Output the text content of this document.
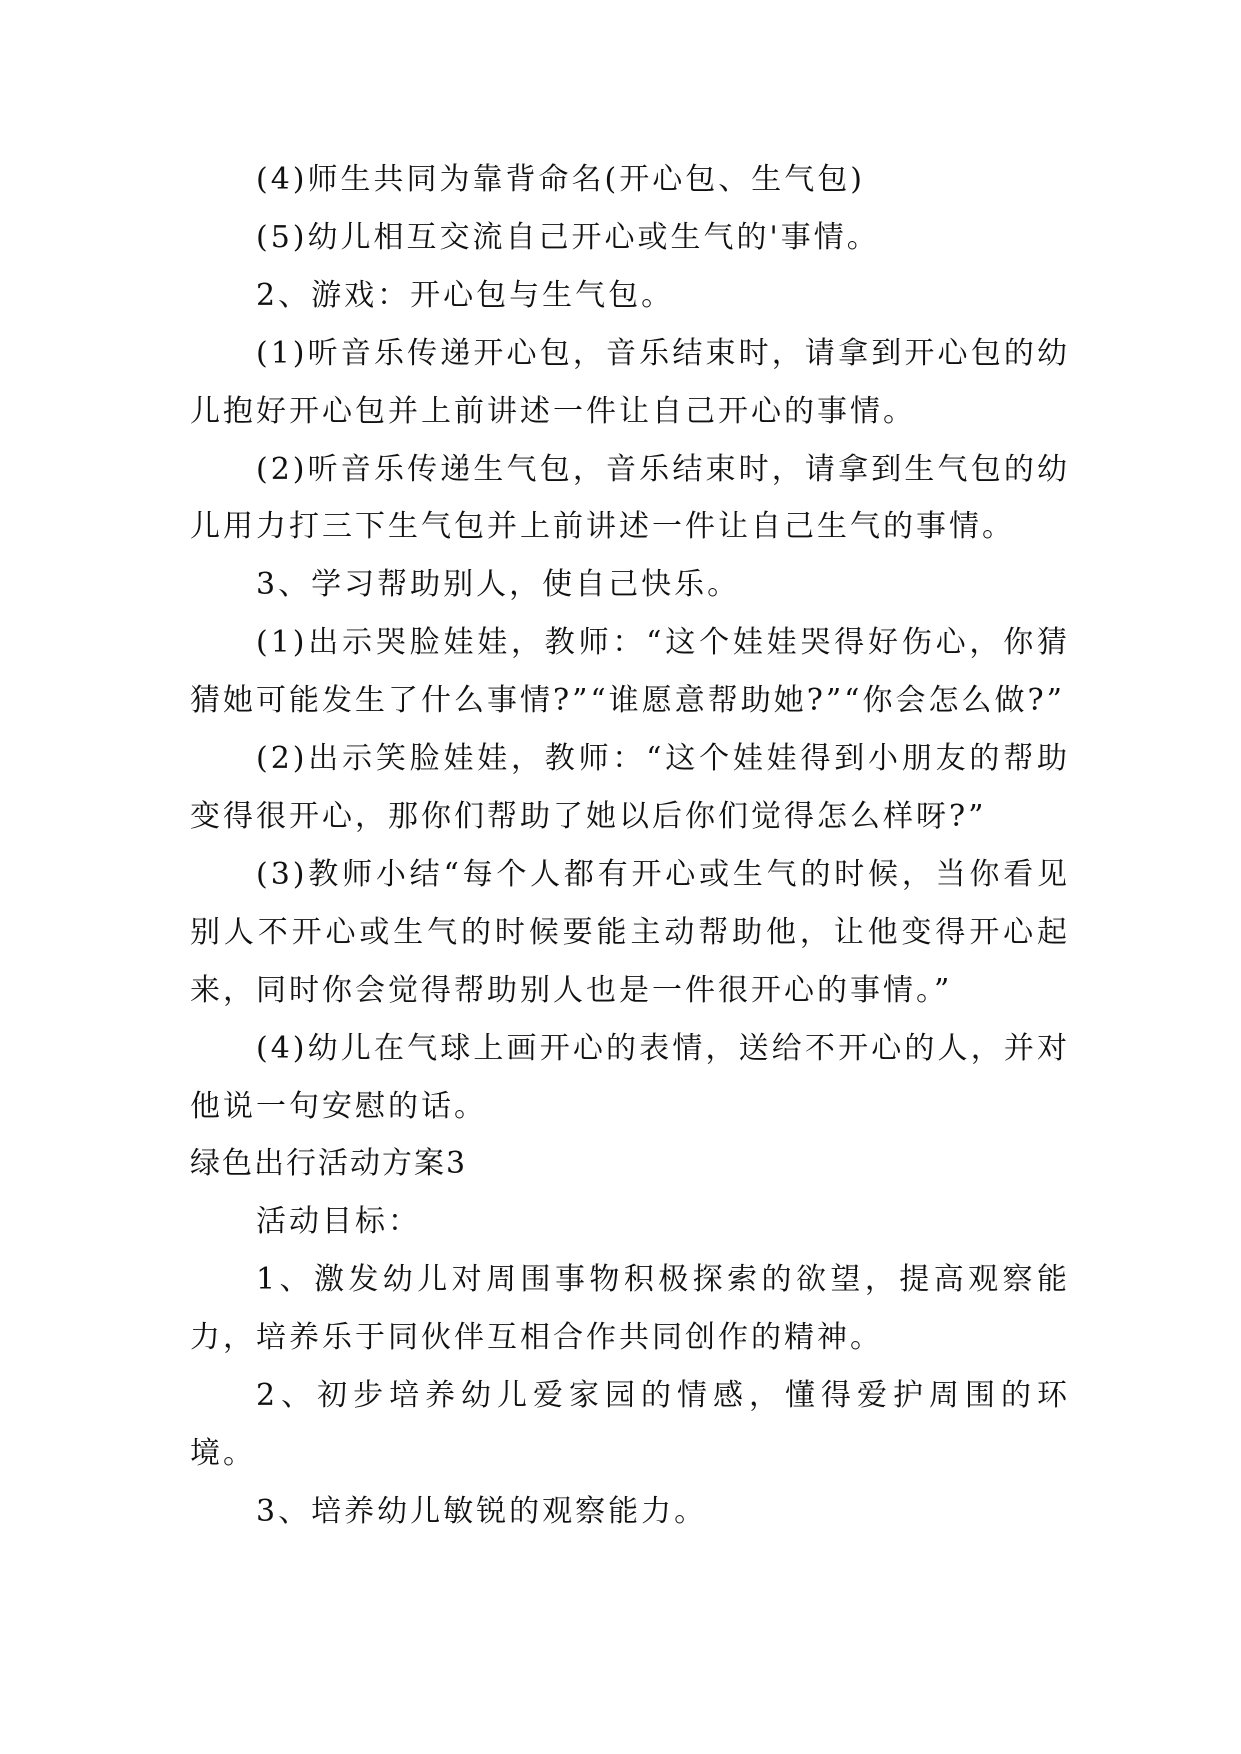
(4)师生共同为靠背命名(开心包、生气包)

(5)幼儿相互交流自己开心或生气的'事情。

2、游戏：开心包与生气包。

(1)听音乐传递开心包，音乐结束时，请拿到开心包的幼儿抱好开心包并上前讲述一件让自己开心的事情。

(2)听音乐传递生气包，音乐结束时，请拿到生气包的幼儿用力打三下生气包并上前讲述一件让自己生气的事情。

3、学习帮助别人，使自己快乐。

(1)出示哭脸娃娃，教师：“这个娃娃哭得好伤心，你猜猜她可能发生了什么事情?”“谁愿意帮助她?”“你会怎么做?”

(2)出示笑脸娃娃，教师：“这个娃娃得到小朋友的帮助变得很开心，那你们帮助了她以后你们觉得怎么样呀?”

(3)教师小结“每个人都有开心或生气的时候，当你看见别人不开心或生气的时候要能主动帮助他，让他变得开心起来，同时你会觉得帮助别人也是一件很开心的事情。”

(4)幼儿在气球上画开心的表情，送给不开心的人，并对他说一句安慰的话。

绿色出行活动方案3

活动目标：

1、激发幼儿对周围事物积极探索的欲望，提高观察能力，培养乐于同伙伴互相合作共同创作的精神。

2、初步培养幼儿爱家园的情感，懂得爱护周围的环境。

3、培养幼儿敏锐的观察能力。
